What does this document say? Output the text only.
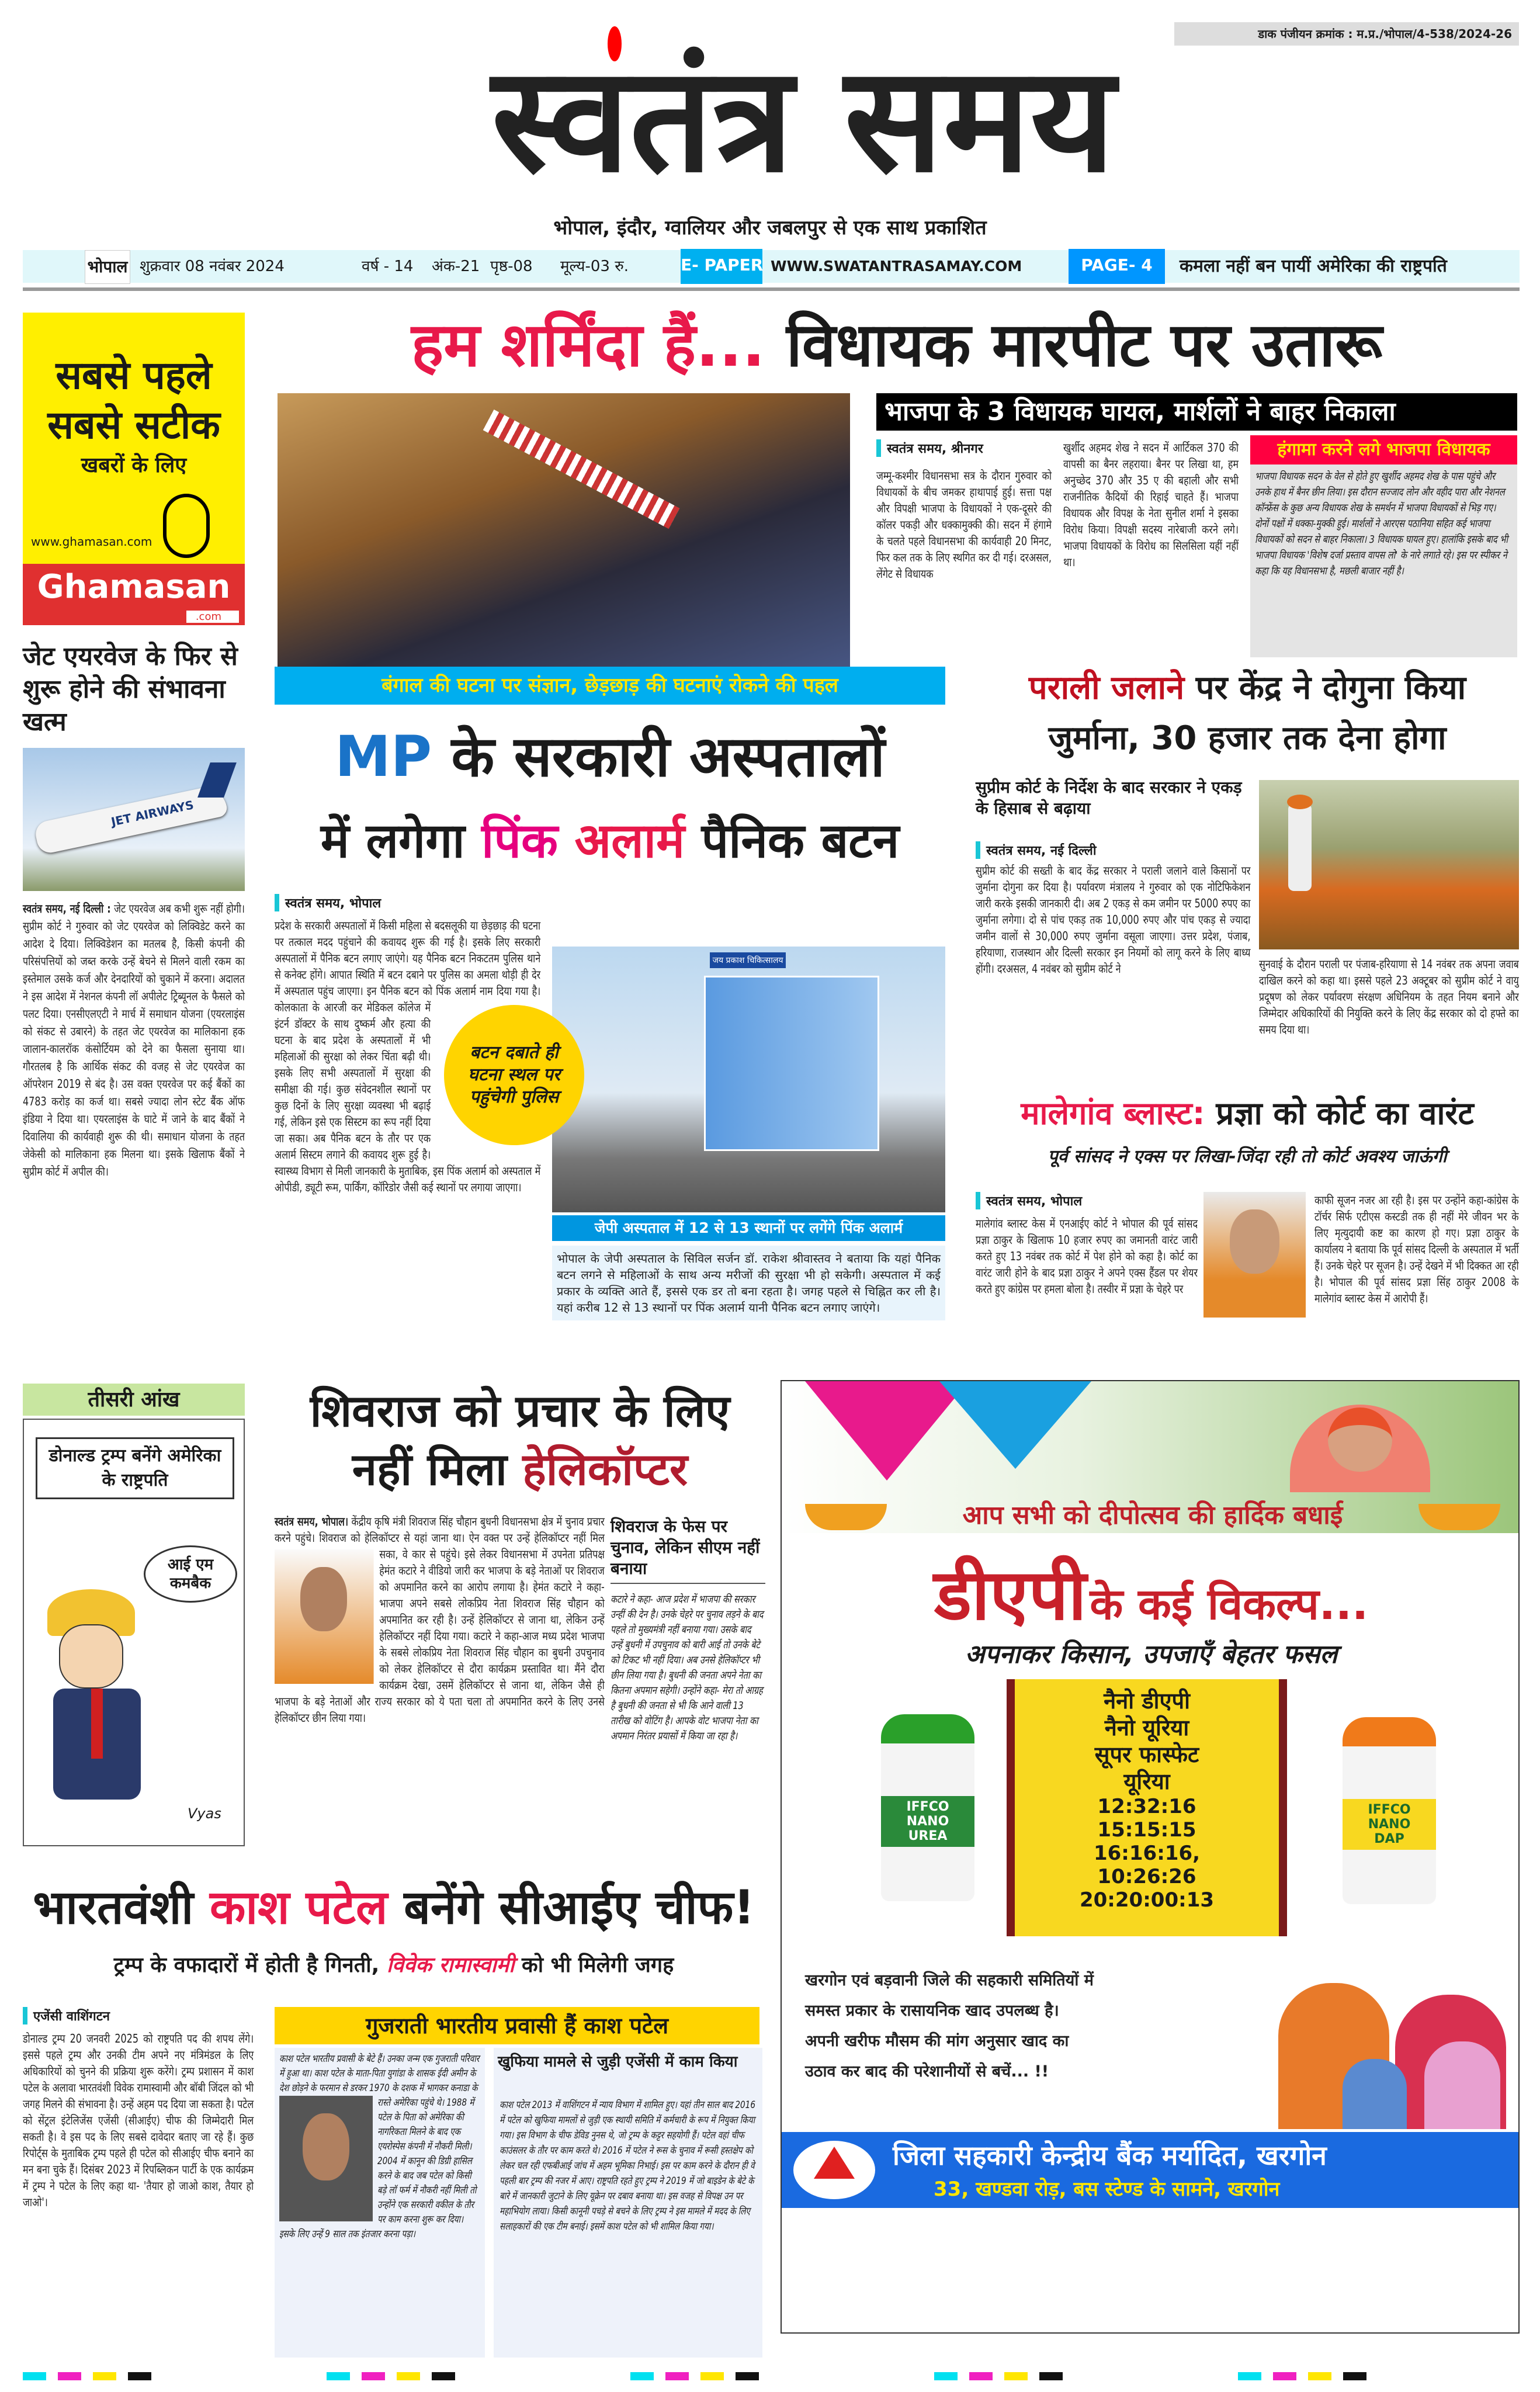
डाक पंजीयन क्रमांक : म.प्र./भोपाल/4-538/2024-26
स्वतंत्र समय
भोपाल, इंदौर, ग्वालियर और जबलपुर से एक साथ प्रकाशित
भोपाल शुक्रवार 08 नवंबर 2024	वर्ष - 14 अंक-21 पृष्ठ-08 मूल्य-03 रु.	E- PAPER WWW.SWATANTRASAMAY.COM	PAGE- 4	कमला नहीं बन पायीं अमेरिका की राष्ट्रपति
सबसे पहले
सबसे सटीक
खबरों के लिए
www.ghamasan.com
Ghamasan
.com
जेट एयरवेज के फिर से शुरू होने की संभावना खत्म
JET AIRWAYS
स्वतंत्र समय, नई दिल्ली : जेट एयरवेज अब कभी शुरू नहीं होगी। सुप्रीम कोर्ट ने गुरुवार को जेट एयरवेज को लिक्विडेट करने का आदेश दे दिया। लिक्विडेशन का मतलब है, किसी कंपनी की परिसंपत्तियों को जब्त करके उन्हें बेचने से मिलने वाली रकम का इस्तेमाल उसके कर्ज और देनदारियों को चुकाने में करना। अदालत ने इस आदेश में नेशनल कंपनी लॉ अपीलेट ट्रिब्यूनल के फैसले को पलट दिया। एनसीएलएटी ने मार्च में समाधान योजना (एयरलाइंस को संकट से उबारने) के तहत जेट एयरवेज का मालिकाना हक जालान-कालरॉक कंसोर्टियम को देने का फैसला सुनाया था। गौरतलब है कि आर्थिक संकट की वजह से जेट एयरवेज का ऑपरेशन 2019 से बंद है। उस वक्त एयरवेज पर कई बैंकों का 4783 करोड़ का कर्ज था। सबसे ज्यादा लोन स्टेट बैंक ऑफ इंडिया ने दिया था। एयरलाइंस के घाटे में जाने के बाद बैंकों ने दिवालिया की कार्यवाही शुरू की थी। समाधान योजना के तहत जेकेसी को मालिकाना हक मिलना था। इसके खिलाफ बैंकों ने सुप्रीम कोर्ट में अपील की।
तीसरी आंख
डोनाल्ड ट्रम्प बनेंगे अमेरिका के राष्ट्रपति
आई एम कमबैक
Vyas
हम शर्मिंदा हैं... विधायक मारपीट पर उतारू
भाजपा के 3 विधायक घायल, मार्शलों ने बाहर निकाला
स्वतंत्र समय, श्रीनगर
जम्मू-कश्मीर विधानसभा सत्र के दौरान गुरुवार को विधायकों के बीच जमकर हाथापाई हुई। सत्ता पक्ष और विपक्षी भाजपा के विधायकों ने एक-दूसरे की कॉलर पकड़ी और धक्कामुक्की की। सदन में हंगामे के चलते पहले विधानसभा की कार्यवाही 20 मिनट, फिर कल तक के लिए स्थगित कर दी गई। दरअसल, लेंगेट से विधायक
खुर्शीद अहमद शेख ने सदन में आर्टिकल 370 की वापसी का बैनर लहराया। बैनर पर लिखा था, हम अनुच्छेद 370 और 35 ए की बहाली और सभी राजनीतिक कैदियों की रिहाई चाहते हैं। भाजपा विधायक और विपक्ष के नेता सुनील शर्मा ने इसका विरोध किया। विपक्षी सदस्य नारेबाजी करने लगे। भाजपा विधायकों के विरोध का सिलसिला यहीं नहीं था।
हंगामा करने लगे भाजपा विधायक
भाजपा विधायक सदन के वेल से होते हुए खुर्शीद अहमद शेख के पास पहुंचे और उनके हाथ में बैनर छीन लिया। इस दौरान सज्जाद लोन और वहीद पारा और नेशनल कॉन्फ्रेंस के कुछ अन्य विधायक शेख के समर्थन में भाजपा विधायकों से भिड़ गए। दोनों पक्षों में धक्का-मुक्की हुई। मार्शलों ने आरएस पठानिया सहित कई भाजपा विधायकों को सदन से बाहर निकाला। 3 विधायक घायल हुए। हालांकि इसके बाद भी भाजपा विधायक 'विशेष दर्जा प्रस्ताव वापस लो' के नारे लगाते रहे। इस पर स्पीकर ने कहा कि यह विधानसभा है, मछली बाजार नहीं है।
बंगाल की घटना पर संज्ञान, छेड़छाड़ की घटनाएं रोकने की पहल
MP के सरकारी अस्पतालों
में लगेगा पिंक अलार्म पैनिक बटन
स्वतंत्र समय, भोपाल
प्रदेश के सरकारी अस्पतालों में किसी महिला से बदसलूकी या छेड़छाड़ की घटना पर तत्काल मदद पहुंचाने की कवायद शुरू की गई है। इसके लिए सरकारी अस्पतालों में पैनिक बटन लगाए जाएंगे। यह पैनिक बटन निकटतम पुलिस थाने से कनेक्ट होंगे। आपात स्थिति में बटन दबाने पर पुलिस का अमला थोड़ी ही देर में अस्पताल पहुंच जाएगा। इन पैनिक बटन को पिंक अलार्म नाम दिया गया है। कोलकाता के आरजी कर मेडिकल कॉलेज में इंटर्न डॉक्टर के साथ दुष्कर्म और हत्या की घटना के बाद प्रदेश के अस्पतालों में भी महिलाओं की सुरक्षा को लेकर चिंता बढ़ी थी। इसके लिए सभी अस्पतालों में सुरक्षा की समीक्षा की गई। कुछ संवेदनशील स्थानों पर कुछ दिनों के लिए सुरक्षा व्यवस्था भी बढ़ाई गई, लेकिन इसे एक सिस्टम का रूप नहीं दिया जा सका। अब पैनिक बटन के तौर पर एक अलार्म सिस्टम लगाने की कवायद शुरू हुई है। स्वास्थ्य विभाग से मिली जानकारी के मुताबिक, इस पिंक अलार्म को अस्पताल में ओपीडी, ड्यूटी रूम, पार्किंग, कॉरिडोर जैसी कई स्थानों पर लगाया जाएगा।
जय प्रकाश चिकित्सालय
बटन दबाते ही घटना स्थल पर पहुंचेगी पुलिस
जेपी अस्पताल में 12 से 13 स्थानों पर लगेंगे पिंक अलार्म
भोपाल के जेपी अस्पताल के सिविल सर्जन डॉ. राकेश श्रीवास्तव ने बताया कि यहां पैनिक बटन लगने से महिलाओं के साथ अन्य मरीजों की सुरक्षा भी हो सकेगी। अस्पताल में कई प्रकार के व्यक्ति आते हैं, इससे एक डर तो बना रहता है। जगह पहले से चिह्नित कर ली है। यहां करीब 12 से 13 स्थानों पर पिंक अलार्म यानी पैनिक बटन लगाए जाएंगे।
पराली जलाने पर केंद्र ने दोगुना किया
जुर्माना, 30 हजार तक देना होगा
सुप्रीम कोर्ट के निर्देश के बाद सरकार ने एकड़ के हिसाब से बढ़ाया
स्वतंत्र समय, नई दिल्ली
सुप्रीम कोर्ट की सख्ती के बाद केंद्र सरकार ने पराली जलाने वाले किसानों पर जुर्माना दोगुना कर दिया है। पर्यावरण मंत्रालय ने गुरुवार को एक नोटिफिकेशन जारी करके इसकी जानकारी दी। अब 2 एकड़ से कम जमीन पर 5000 रुपए का जुर्माना लगेगा। दो से पांच एकड़ तक 10,000 रुपए और पांच एकड़ से ज्यादा जमीन वालों से 30,000 रुपए जुर्माना वसूला जाएगा। उत्तर प्रदेश, पंजाब, हरियाणा, राजस्थान और दिल्ली सरकार इन नियमों को लागू करने के लिए बाध्य होंगी। दरअसल, 4 नवंबर को सुप्रीम कोर्ट ने	सुनवाई के दौरान पराली पर पंजाब-हरियाणा से 14 नवंबर तक अपना जवाब दाखिल करने को कहा था। इससे पहले 23 अक्टूबर को सुप्रीम कोर्ट ने वायु प्रदूषण को लेकर पर्यावरण संरक्षण अधिनियम के तहत नियम बनाने और जिम्मेदार अधिकारियों की नियुक्ति करने के लिए केंद्र सरकार को दो हफ्ते का समय दिया था।
मालेगांव ब्लास्ट: प्रज्ञा को कोर्ट का वारंट
पूर्व सांसद ने एक्स पर लिखा-जिंदा रही तो कोर्ट अवश्य जाऊंगी
स्वतंत्र समय, भोपाल
मालेगांव ब्लास्ट केस में एनआईए कोर्ट ने भोपाल की पूर्व सांसद प्रज्ञा ठाकुर के खिलाफ 10 हजार रुपए का जमानती वारंट जारी करते हुए 13 नवंबर तक कोर्ट में पेश होने को कहा है। कोर्ट का वारंट जारी होने के बाद प्रज्ञा ठाकुर ने अपने एक्स हैंडल पर शेयर करते हुए कांग्रेस पर हमला बोला है। तस्वीर में प्रज्ञा के चेहरे पर
काफी सूजन नजर आ रही है। इस पर उन्होंने कहा-कांग्रेस के टॉर्चर सिर्फ एटीएस कस्टडी तक ही नहीं मेरे जीवन भर के लिए मृत्युदायी कष्ट का कारण हो गए। प्रज्ञा ठाकुर के कार्यालय ने बताया कि पूर्व सांसद दिल्ली के अस्पताल में भर्ती हैं। उनके चेहरे पर सूजन है। उन्हें देखने में भी दिक्कत आ रही है। भोपाल की पूर्व सांसद प्रज्ञा सिंह ठाकुर 2008 के मालेगांव ब्लास्ट केस में आरोपी हैं।
शिवराज को प्रचार के लिए
नहीं मिला हेलिकॉप्टर
स्वतंत्र समय, भोपाल। केंद्रीय कृषि मंत्री शिवराज सिंह चौहान बुधनी विधानसभा क्षेत्र में चुनाव प्रचार करने पहुंचे। शिवराज को हेलिकॉप्टर से यहां जाना था। ऐन वक्त पर उन्हें हेलिकॉप्टर नहीं मिल सका, वे कार से पहुंचे। इसे लेकर विधानसभा में उपनेता प्रतिपक्ष हेमंत कटारे ने वीडियो जारी कर भाजपा के बड़े नेताओं पर शिवराज को अपमानित करने का आरोप लगाया है। हेमंत कटारे ने कहा- भाजपा अपने सबसे लोकप्रिय नेता शिवराज सिंह चौहान को अपमानित कर रही है। उन्हें हेलिकॉप्टर से जाना था, लेकिन उन्हें हेलिकॉप्टर नहीं दिया गया। कटारे ने कहा-आज मध्य प्रदेश भाजपा के सबसे लोकप्रिय नेता शिवराज सिंह चौहान का बुधनी उपचुनाव को लेकर हेलिकॉप्टर से दौरा कार्यक्रम प्रस्तावित था। मैंने दौरा कार्यक्रम देखा, उसमें हेलिकॉप्टर से जाना था, लेकिन जैसे ही भाजपा के बड़े नेताओं और राज्य सरकार को ये पता चला तो अपमानित करने के लिए उनसे हेलिकॉप्टर छीन लिया गया।
शिवराज के फेस पर चुनाव, लेकिन सीएम नहीं बनाया
कटारे ने कहा- आज प्रदेश में भाजपा की सरकार उन्हीं की देन है। उनके चेहरे पर चुनाव लड़ने के बाद पहले तो मुख्यमंत्री नहीं बनाया गया। उसके बाद उन्हें बुधनी में उपचुनाव को बारी आई तो उनके बेटे को टिकट भी नहीं दिया। अब उनसे हेलिकॉप्टर भी छीन लिया गया है। बुधनी की जनता अपने नेता का कितना अपमान सहेगी। उन्होंने कहा- मेरा तो आग्रह है बुधनी की जनता से भी कि आने वाली 13 तारीख को वोटिंग है। आपके वोट भाजपा नेता का अपमान निरंतर प्रयासों में किया जा रहा है।
भारतवंशी काश पटेल बनेंगे सीआईए चीफ!
ट्रम्प के वफादारों में होती है गिनती, विवेक रामास्वामी को भी मिलेगी जगह
एजेंसी वाशिंगटन
डोनाल्ड ट्रम्प 20 जनवरी 2025 को राष्ट्रपति पद की शपथ लेंगे। इससे पहले ट्रम्प और उनकी टीम अपने नए मंत्रिमंडल के लिए अधिकारियों को चुनने की प्रक्रिया शुरू करेंगे। ट्रम्प प्रशासन में काश पटेल के अलावा भारतवंशी विवेक रामास्वामी और बॉबी जिंदल को भी जगह मिलने की संभावना है। उन्हें अहम पद दिया जा सकता है। पटेल को सेंट्रल इंटेलिजेंस एजेंसी (सीआईए) चीफ की जिम्मेदारी मिल सकती है। वे इस पद के लिए सबसे दावेदार बताए जा रहे हैं। कुछ रिपोर्ट्स के मुताबिक ट्रम्प पहले ही पटेल को सीआईए चीफ बनाने का मन बना चुके हैं। दिसंबर 2023 में रिपब्लिकन पार्टी के एक कार्यक्रम में ट्रम्प ने पटेल के लिए कहा था- 'तैयार हो जाओ काश, तैयार हो जाओ'।
गुजराती भारतीय प्रवासी हैं काश पटेल
काश पटेल भारतीय प्रवासी के बेटे हैं। उनका जन्म एक गुजराती परिवार में हुआ था। काश पटेल के माता-पिता युगांडा के शासक ईदी अमीन के देश छोड़ने के फरमान से डरकर 1970 के दशक में भागकर कनाडा के रास्ते अमेरिका पहुंचे थे। 1988 में पटेल के पिता को अमेरिका की नागरिकता मिलने के बाद एक एयरोस्पेस कंपनी में नौकरी मिली। 2004 में कानून की डिग्री हासिल करने के बाद जब पटेल को किसी बड़े लॉ फर्म में नौकरी नहीं मिली तो उन्होंने एक सरकारी वकील के तौर पर काम करना शुरू कर दिया। इसके लिए उन्हें 9 साल तक इंतजार करना पड़ा।
खुफिया मामले से जुड़ी एजेंसी में काम किया
काश पटेल 2013 में वाशिंगटन में न्याय विभाग में शामिल हुए। यहां तीन साल बाद 2016 में पटेल को खुफिया मामलों से जुड़ी एक स्थायी समिति में कर्मचारी के रूप में नियुक्त किया गया। इस विभाग के चीफ डेविड नुनस थे, जो ट्रम्प के कट्टर सहयोगी हैं। पटेल वहां चीफ काउंसलर के तौर पर काम करते थे। 2016 में पटेल ने रूस के चुनाव में रूसी हस्तक्षेप को लेकर चल रही एफबीआई जांच में अहम भूमिका निभाई। इस पर काम करने के दौरान ही वे पहली बार ट्रम्प की नजर में आए। राष्ट्रपति रहते हुए ट्रम्प ने 2019 में जो बाइडेन के बेटे के बारे में जानकारी जुटाने के लिए यूक्रेन पर दबाव बनाया था। इस वजह से विपक्ष उन पर महाभियोग लाया। किसी कानूनी पचड़े से बचने के लिए ट्रम्प ने इस मामले में मदद के लिए सलाहकारों की एक टीम बनाई। इसमें काश पटेल को भी शामिल किया गया।
आप सभी को दीपोत्सव की हार्दिक बधाई
डीएपी के कई विकल्प...
अपनाकर किसान, उपजाएँ बेहतर फसल
नैनो डीएपी
नैनो यूरिया
सूपर फास्फेट
यूरिया
12:32:16
15:15:15
16:16:16,
10:26:26
20:20:00:13
IFFCO
NANO
UREA
IFFCO
NANO
DAP
खरगोन एवं बड़वानी जिले की सहकारी समितियों में
समस्त प्रकार के रासायनिक खाद उपलब्ध है।
अपनी खरीफ मौसम की मांग अनुसार खाद का
उठाव कर बाद की परेशानीयों से बचें... !!
जिला सहकारी केन्द्रीय बैंक मर्यादित, खरगोन
33, खण्डवा रोड़, बस स्टेण्ड के सामने, खरगोन
